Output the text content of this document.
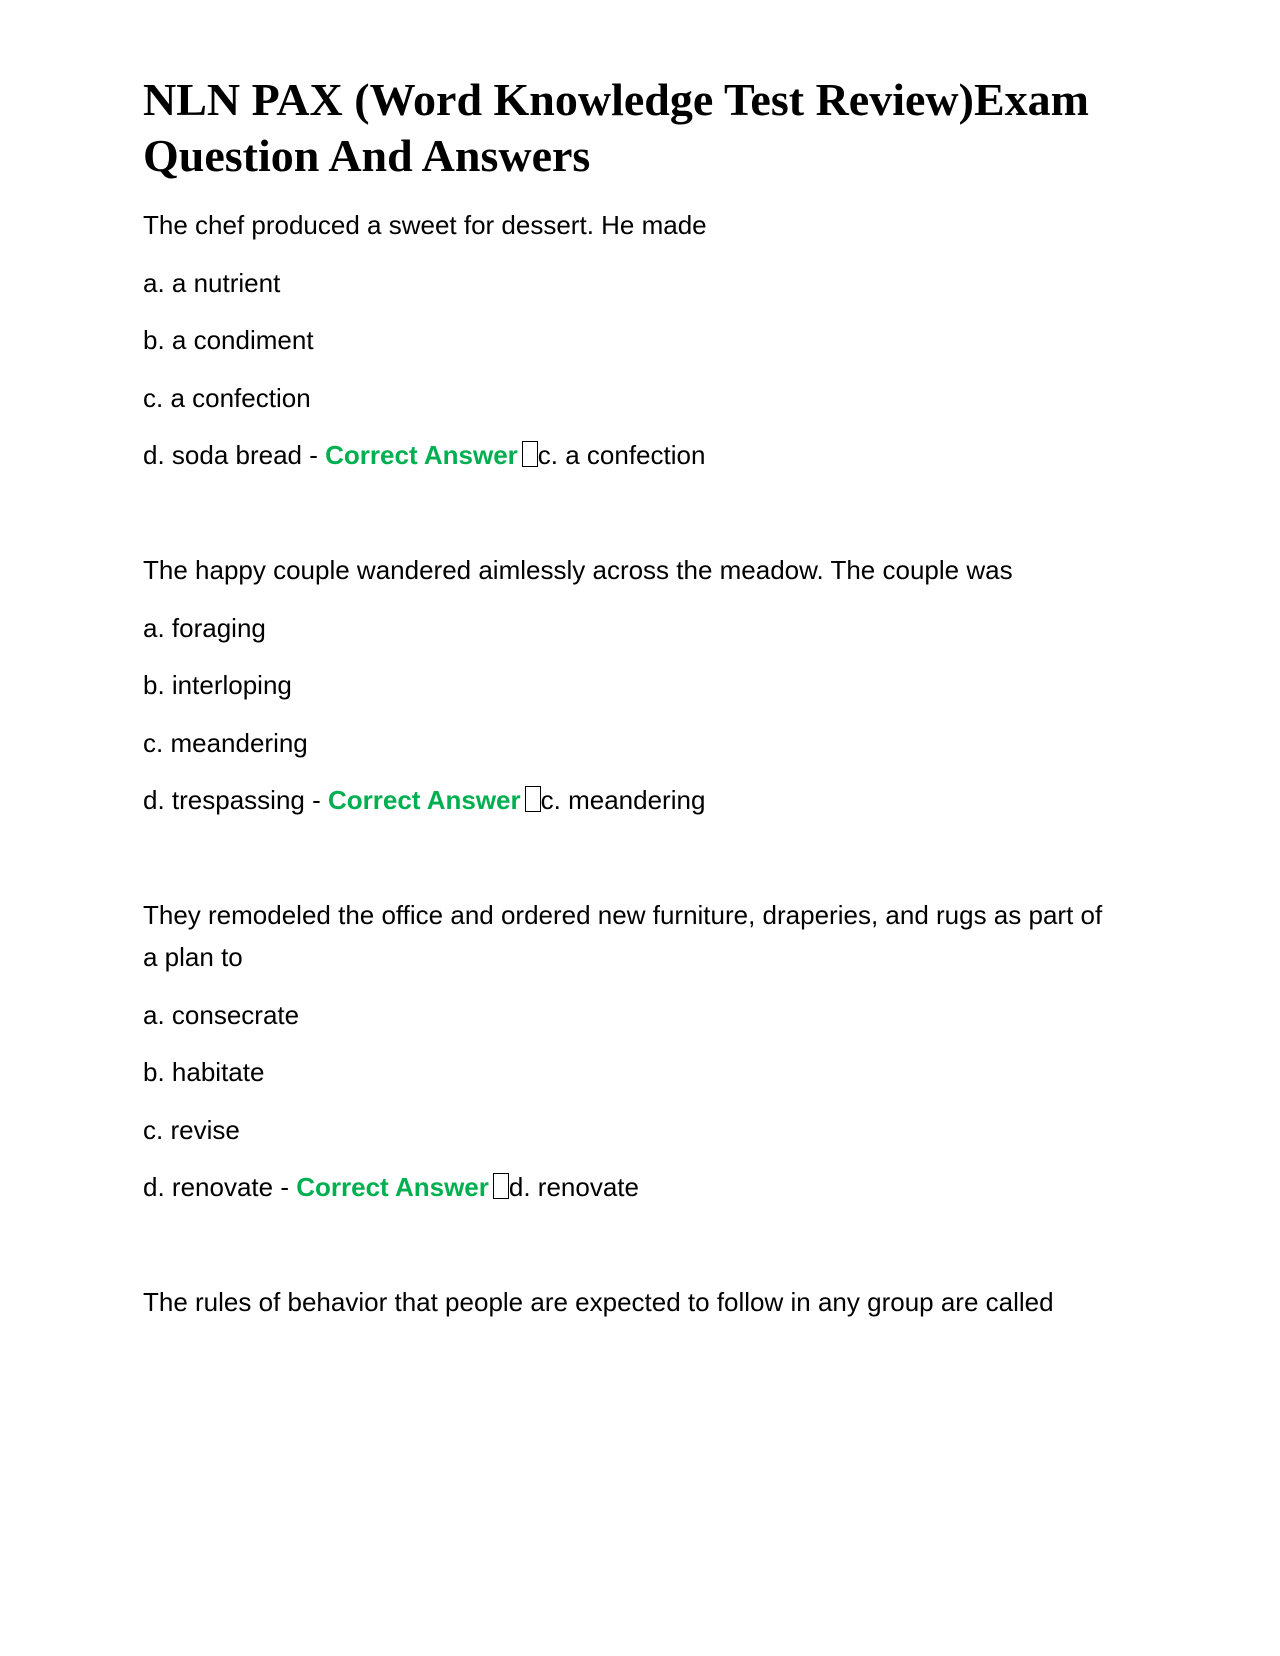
NLN PAX (Word Knowledge Test Review)Exam Question And Answers

The chef produced a sweet for dessert. He made

a. a nutrient

b. a condiment

c. a confection

d. soda bread - Correct Answer c. a confection

The happy couple wandered aimlessly across the meadow. The couple was

a. foraging

b. interloping

c. meandering

d. trespassing - Correct Answer c. meandering

They remodeled the office and ordered new furniture, draperies, and rugs as part of a plan to

a. consecrate

b. habitate

c. revise

d. renovate - Correct Answer d. renovate

The rules of behavior that people are expected to follow in any group are called
